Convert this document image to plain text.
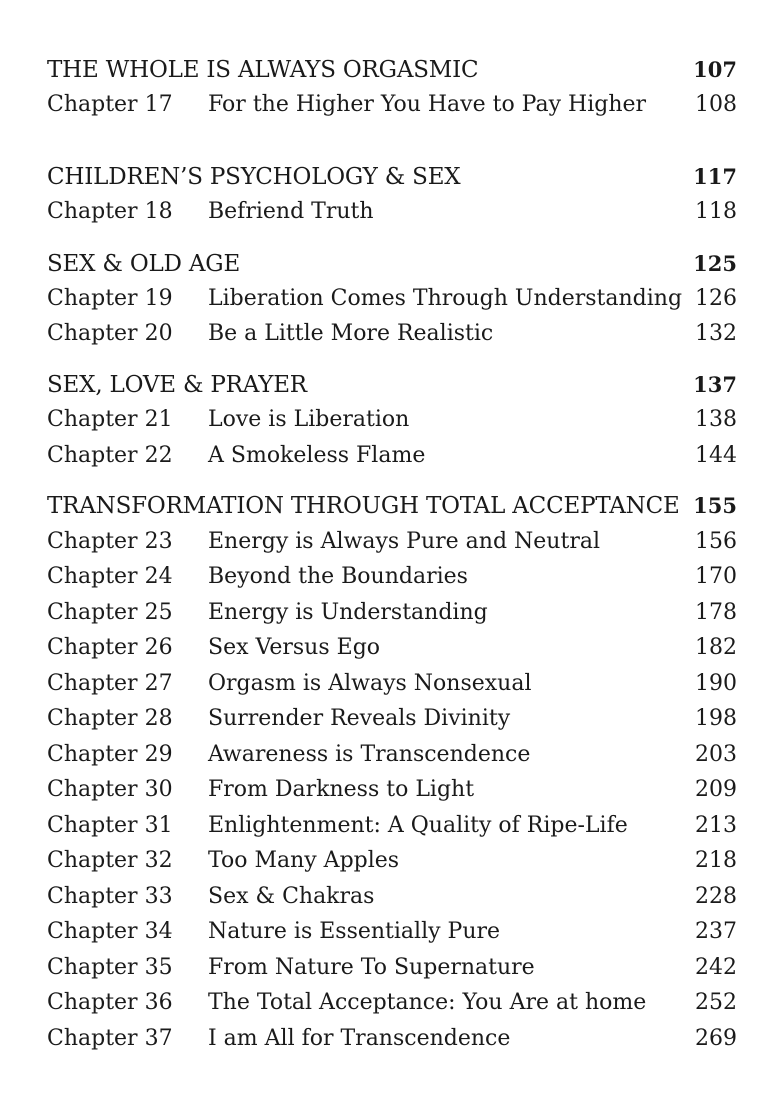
THE WHOLE IS ALWAYS ORGASMIC	107
Chapter 17 For the Higher You Have to Pay Higher 108
CHILDREN’S PSYCHOLOGY & SEX	117
Chapter 18 Befriend Truth	118
SEX & OLD AGE	125
Chapter 19 Liberation Comes Through Understanding 126
Chapter 20 Be a Little More Realistic	132
SEX, LOVE & PRAYER	137
Chapter 21 Love is Liberation	138
Chapter 22 A Smokeless Flame	144
TRANSFORMATION THROUGH TOTAL ACCEPTANCE 155
Chapter 23 Energy is Always Pure and Neutral	156
Chapter 24 Beyond the Boundaries	170
Chapter 25 Energy is Understanding	178
Chapter 26 Sex Versus Ego	182
Chapter 27 Orgasm is Always Nonsexual	190
Chapter 28 Surrender Reveals Divinity	198
Chapter 29 Awareness is Transcendence	203
Chapter 30 From Darkness to Light	209
Chapter 31 Enlightenment: A Quality of Ripe-Life	213
Chapter 32 Too Many Apples	218
Chapter 33 Sex & Chakras	228
Chapter 34 Nature is Essentially Pure	237
Chapter 35 From Nature To Supernature	242
Chapter 36 The Total Acceptance: You Are at home 252
Chapter 37 I am All for Transcendence	269
